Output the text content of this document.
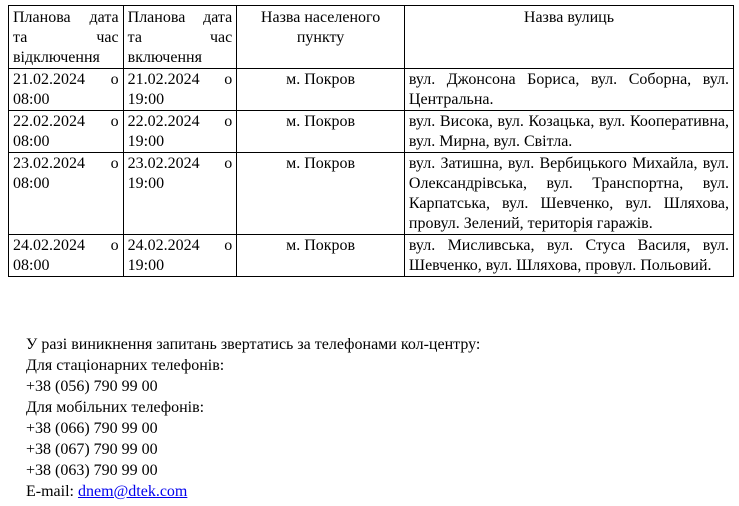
Планова дата та час відключення	Планова дата та час включення	Назва населеного пункту	Назва вулиць
21.02.2024 о 08:00	21.02.2024 о 19:00	м. Покров	вул. Джонсона Бориса, вул. Соборна, вул. Центральна.
22.02.2024 о 08:00	22.02.2024 о 19:00	м. Покров	вул. Висока, вул. Козацька, вул. Кооперативна, вул. Мирна, вул. Світла.
23.02.2024 о 08:00	23.02.2024 о 19:00	м. Покров	вул. Затишна, вул. Вербицького Михайла, вул. Олександрівська, вул. Транспортна, вул. Карпатська, вул. Шевченко, вул. Шляхова, провул. Зелений, територія гаражів.
24.02.2024 о 08:00	24.02.2024 о 19:00	м. Покров	вул. Мисливська, вул. Стуса Василя, вул. Шевченко, вул. Шляхова, провул. Польовий.
У разі виникнення запитань звертатись за телефонами кол-центру:
Для стаціонарних телефонів:
+38 (056) 790 99 00
Для мобільних телефонів:
+38 (066) 790 99 00
+38 (067) 790 99 00
+38 (063) 790 99 00
E-mail: dnem@dtek.com
